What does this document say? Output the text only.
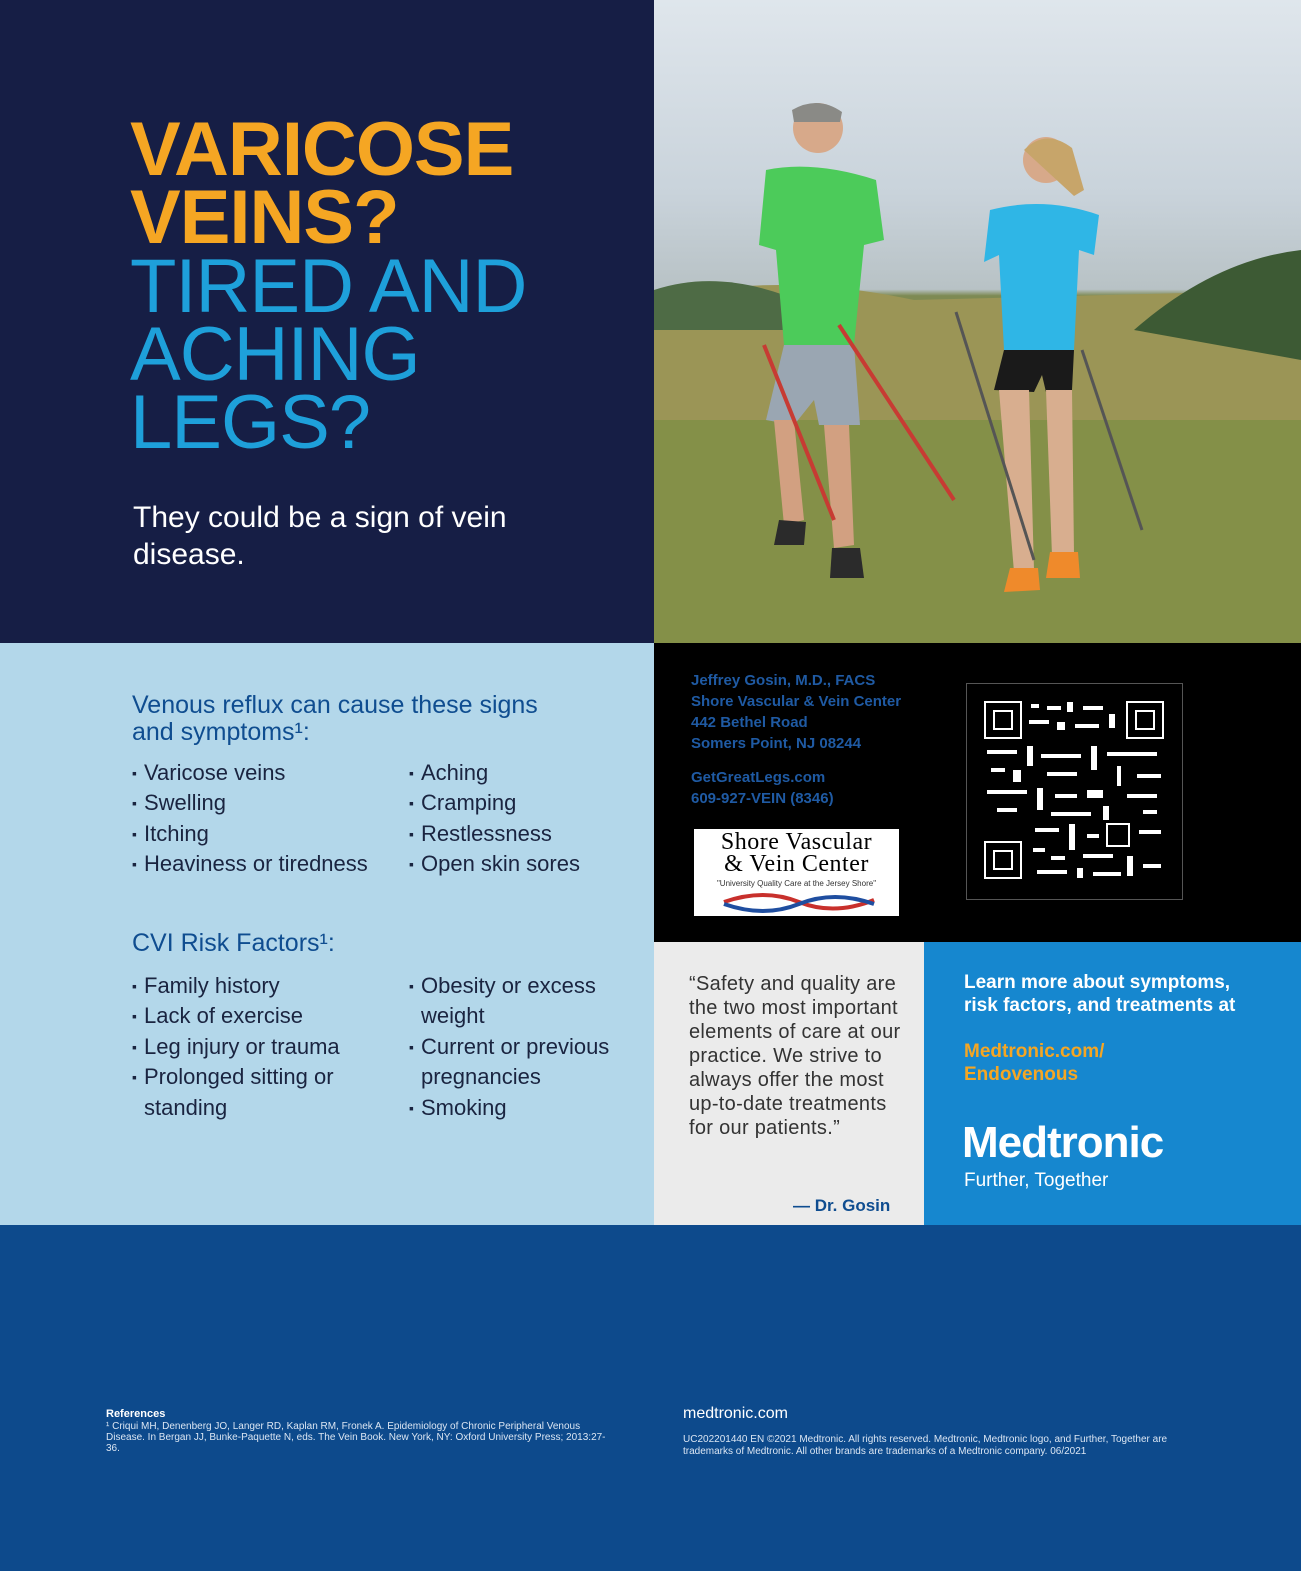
VARICOSE
VEINS?
TIRED AND
ACHING
LEGS?
They could be a sign of vein disease.
Venous reflux can cause these signs and symptoms¹:
▪ Varicose veins
▪ Swelling
▪ Itching
▪ Heaviness or tiredness
▪ Aching
▪ Cramping
▪ Restlessness
▪ Open skin sores
CVI Risk Factors¹:
▪ Family history
▪ Lack of exercise
▪ Leg injury or trauma
▪ Prolonged sitting or standing
▪ Obesity or excess weight
▪ Current or previous pregnancies
▪ Smoking
Jeffrey Gosin, M.D., FACS
Shore Vascular & Vein Center
442 Bethel Road
Somers Point, NJ 08244
GetGreatLegs.com
609-927-VEIN (8346)
Shore Vascular
& Vein Center
"University Quality Care at the Jersey Shore"
“Safety and quality are the two most important elements of care at our practice. We strive to always offer the most up-to-date treatments for our patients.”
— Dr. Gosin
Learn more about symptoms, risk factors, and treatments at
Medtronic.com/ Endovenous
Medtronic
Further, Together
References
¹ Criqui MH, Denenberg JO, Langer RD, Kaplan RM, Fronek A. Epidemiology of Chronic Peripheral Venous Disease. In Bergan JJ, Bunke-Paquette N, eds. The Vein Book. New York, NY: Oxford University Press; 2013:27-36.
medtronic.com
UC202201440 EN ©2021 Medtronic. All rights reserved. Medtronic, Medtronic logo, and Further, Together are trademarks of Medtronic. All other brands are trademarks of a Medtronic company. 06/2021
